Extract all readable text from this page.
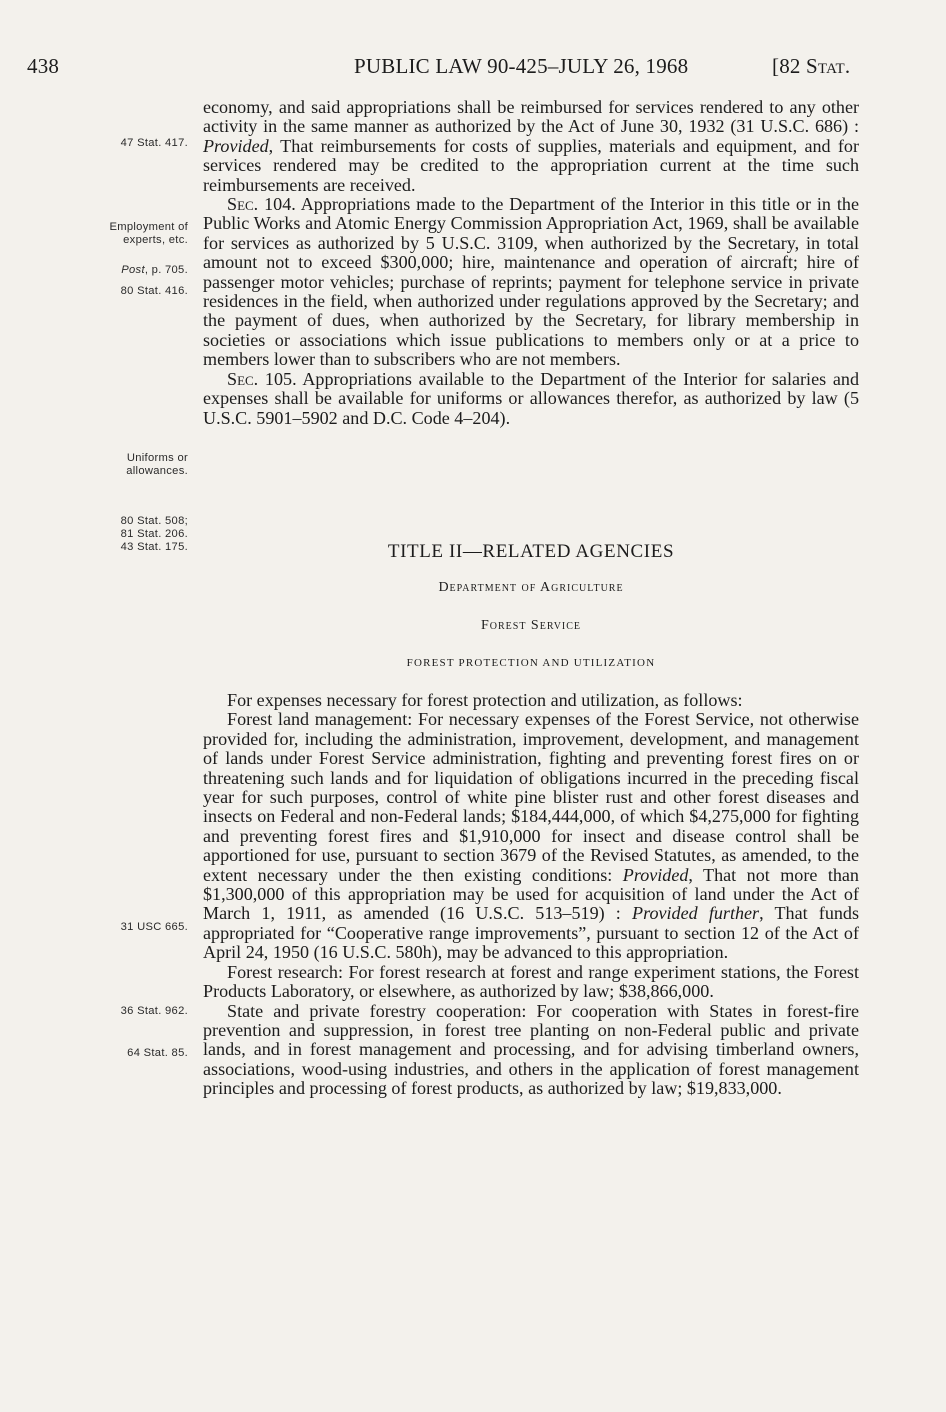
438	PUBLIC LAW 90-425–JULY 26, 1968	[82 Stat.
47 Stat. 417.
Employment of
experts, etc.
Post, p. 705.
80 Stat. 416.
Uniforms or
allowances.
80 Stat. 508;
81 Stat. 206.
43 Stat. 175.
31 USC 665.
36 Stat. 962.
64 Stat. 85.
economy, and said appropriations shall be reimbursed for services rendered to any other activity in the same manner as authorized by the Act of June 30, 1932 (31 U.S.C. 686) : Provided, That reimbursements for costs of supplies, materials and equipment, and for services rendered may be credited to the appropriation current at the time such reimbursements are received.
Sec. 104. Appropriations made to the Department of the Interior in this title or in the Public Works and Atomic Energy Commission Appropriation Act, 1969, shall be available for services as authorized by 5 U.S.C. 3109, when authorized by the Secretary, in total amount not to exceed $300,000; hire, maintenance and operation of aircraft; hire of passenger motor vehicles; purchase of reprints; payment for telephone service in private residences in the field, when authorized under regulations approved by the Secretary; and the payment of dues, when authorized by the Secretary, for library membership in societies or associations which issue publications to members only or at a price to members lower than to subscribers who are not members.
Sec. 105. Appropriations available to the Department of the Interior for salaries and expenses shall be available for uniforms or allowances therefor, as authorized by law (5 U.S.C. 5901–5902 and D.C. Code 4–204).
TITLE II—RELATED AGENCIES
Department of Agriculture
Forest Service
FOREST PROTECTION AND UTILIZATION
For expenses necessary for forest protection and utilization, as follows:
Forest land management: For necessary expenses of the Forest Service, not otherwise provided for, including the administration, improvement, development, and management of lands under Forest Service administration, fighting and preventing forest fires on or threatening such lands and for liquidation of obligations incurred in the preceding fiscal year for such purposes, control of white pine blister rust and other forest diseases and insects on Federal and non-Federal lands; $184,444,000, of which $4,275,000 for fighting and preventing forest fires and $1,910,000 for insect and disease control shall be apportioned for use, pursuant to section 3679 of the Revised Statutes, as amended, to the extent necessary under the then existing conditions: Provided, That not more than $1,300,000 of this appropriation may be used for acquisition of land under the Act of March 1, 1911, as amended (16 U.S.C. 513–519) : Provided further, That funds appropriated for “Cooperative range improvements”, pursuant to section 12 of the Act of April 24, 1950 (16 U.S.C. 580h), may be advanced to this appropriation.
Forest research: For forest research at forest and range experiment stations, the Forest Products Laboratory, or elsewhere, as authorized by law; $38,866,000.
State and private forestry cooperation: For cooperation with States in forest-fire prevention and suppression, in forest tree planting on non-Federal public and private lands, and in forest management and processing, and for advising timberland owners, associations, wood-using industries, and others in the application of forest management principles and processing of forest products, as authorized by law; $19,833,000.
